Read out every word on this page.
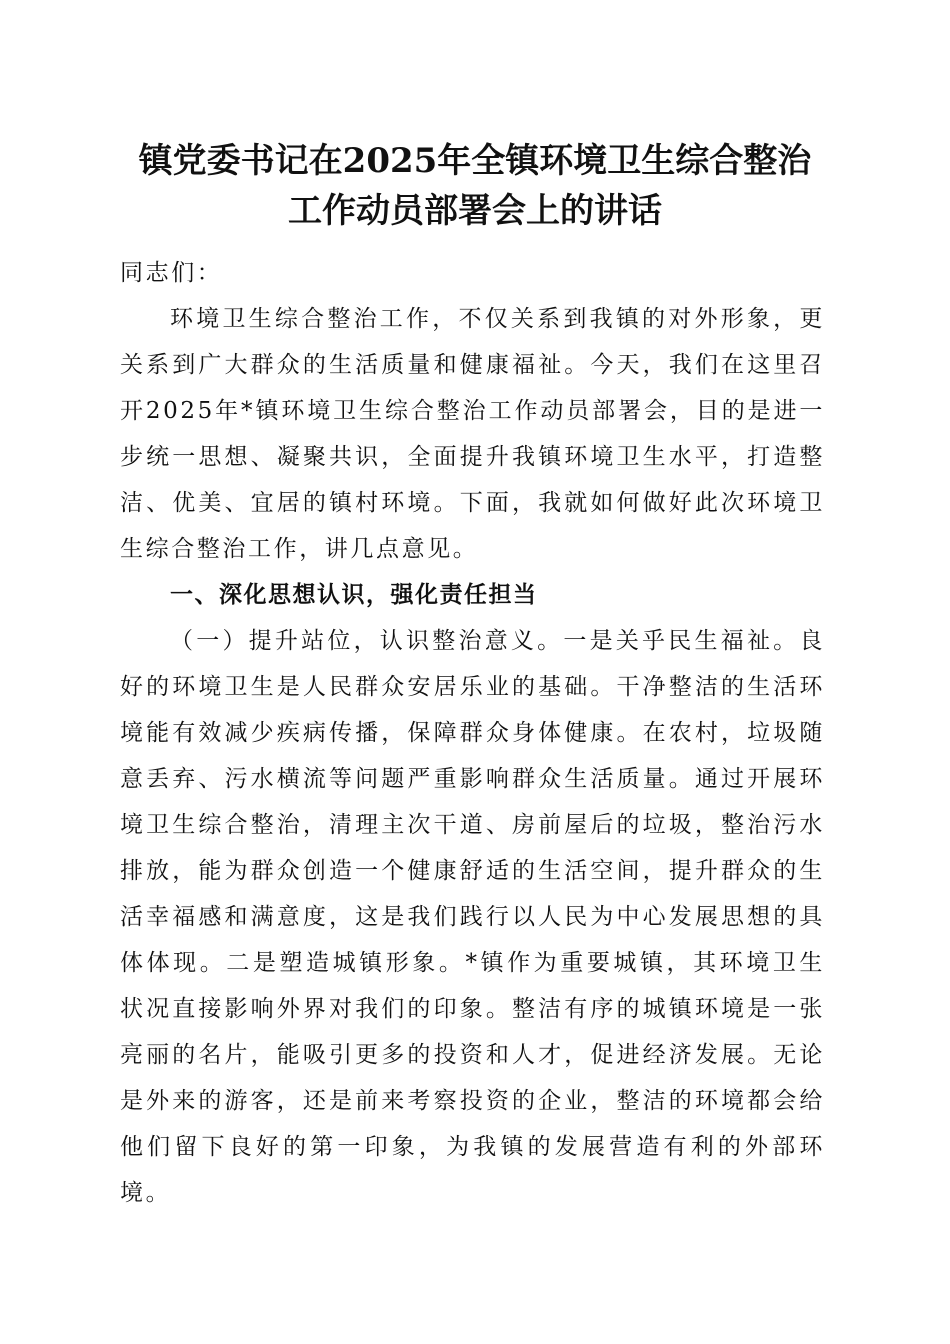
镇党委书记在2025年全镇环境卫生综合整治
工作动员部署会上的讲话

同志们：

环境卫生综合整治工作，不仅关系到我镇的对外形象，更关系到广大群众的生活质量和健康福祉。今天，我们在这里召开2025年*镇环境卫生综合整治工作动员部署会，目的是进一步统一思想、凝聚共识，全面提升我镇环境卫生水平，打造整洁、优美、宜居的镇村环境。下面，我就如何做好此次环境卫生综合整治工作，讲几点意见。

一、深化思想认识，强化责任担当

（一）提升站位，认识整治意义。一是关乎民生福祉。良好的环境卫生是人民群众安居乐业的基础。干净整洁的生活环境能有效减少疾病传播，保障群众身体健康。在农村，垃圾随意丢弃、污水横流等问题严重影响群众生活质量。通过开展环境卫生综合整治，清理主次干道、房前屋后的垃圾，整治污水排放，能为群众创造一个健康舒适的生活空间，提升群众的生活幸福感和满意度，这是我们践行以人民为中心发展思想的具体体现。二是塑造城镇形象。*镇作为重要城镇，其环境卫生状况直接影响外界对我们的印象。整洁有序的城镇环境是一张亮丽的名片，能吸引更多的投资和人才，促进经济发展。无论是外来的游客，还是前来考察投资的企业，整洁的环境都会给他们留下良好的第一印象，为我镇的发展营造有利的外部环境。
